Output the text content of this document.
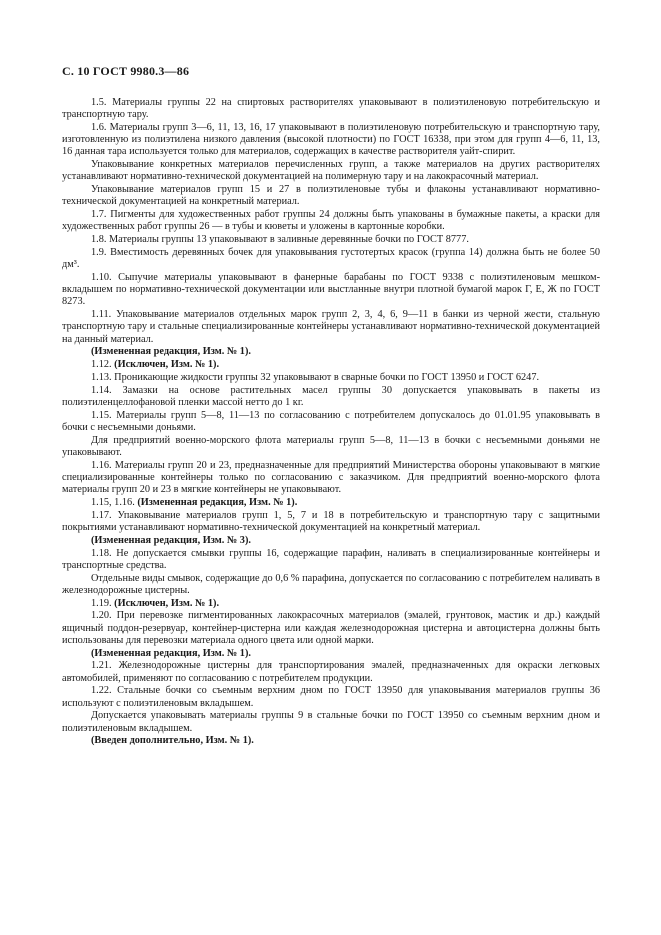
С. 10 ГОСТ 9980.3—86

1.5. Материалы группы 22 на спиртовых растворителях упаковывают в полиэтиленовую потребительскую и транспортную тару.

1.6. Материалы групп 3—6, 11, 13, 16, 17 упаковывают в полиэтиленовую потребительскую и транспортную тару, изготовленную из полиэтилена низкого давления (высокой плотности) по ГОСТ 16338, при этом для групп 4—6, 11, 13, 16 данная тара используется только для материалов, содержащих в качестве растворителя уайт-спирит.

Упаковывание конкретных материалов перечисленных групп, а также материалов на других растворителях устанавливают нормативно-технической документацией на полимерную тару и на лакокрасочный материал.

Упаковывание материалов групп 15 и 27 в полиэтиленовые тубы и флаконы устанавливают нормативно-технической документацией на конкретный материал.

1.7. Пигменты для художественных работ группы 24 должны быть упакованы в бумажные пакеты, а краски для художественных работ группы 26 — в тубы и кюветы и уложены в картонные коробки.

1.8. Материалы группы 13 упаковывают в заливные деревянные бочки по ГОСТ 8777.

1.9. Вместимость деревянных бочек для упаковывания густотертых красок (группа 14) должна быть не более 50 дм³.

1.10. Сыпучие материалы упаковывают в фанерные барабаны по ГОСТ 9338 с полиэтиленовым мешком-вкладышем по нормативно-технической документации или выстланные внутри плотной бумагой марок Г, Е, Ж по ГОСТ 8273.

1.11. Упаковывание материалов отдельных марок групп 2, 3, 4, 6, 9—11 в банки из черной жести, стальную транспортную тару и стальные специализированные контейнеры устанавливают нормативно-технической документацией на данный материал.

(Измененная редакция, Изм. № 1).

1.12. (Исключен, Изм. № 1).

1.13. Проникающие жидкости группы 32 упаковывают в сварные бочки по ГОСТ 13950 и ГОСТ 6247.

1.14. Замазки на основе растительных масел группы 30 допускается упаковывать в пакеты из полиэтиленцеллофановой пленки массой нетто до 1 кг.

1.15. Материалы групп 5—8, 11—13 по согласованию с потребителем допускалось до 01.01.95 упаковывать в бочки с несъемными доньями.

Для предприятий военно-морского флота материалы групп 5—8, 11—13 в бочки с несъемными доньями не упаковывают.

1.16. Материалы групп 20 и 23, предназначенные для предприятий Министерства обороны упаковывают в мягкие специализированные контейнеры только по согласованию с заказчиком. Для предприятий военно-морского флота материалы групп 20 и 23 в мягкие контейнеры не упаковывают.

1.15, 1.16. (Измененная редакция, Изм. № 1).

1.17. Упаковывание материалов групп 1, 5, 7 и 18 в потребительскую и транспортную тару с защитными покрытиями устанавливают нормативно-технической документацией на конкретный материал.

(Измененная редакция, Изм. № 3).

1.18. Не допускается смывки группы 16, содержащие парафин, наливать в специализированные контейнеры и транспортные средства.

Отдельные виды смывок, содержащие до 0,6 % парафина, допускается по согласованию с потребителем наливать в железнодорожные цистерны.

1.19. (Исключен, Изм. № 1).

1.20. При перевозке пигментированных лакокрасочных материалов (эмалей, грунтовок, мастик и др.) каждый ящичный поддон-резервуар, контейнер-цистерна или каждая железнодорожная цистерна и автоцистерна должны быть использованы для перевозки материала одного цвета или одной марки.

(Измененная редакция, Изм. № 1).

1.21. Железнодорожные цистерны для транспортирования эмалей, предназначенных для окраски легковых автомобилей, применяют по согласованию с потребителем продукции.

1.22. Стальные бочки со съемным верхним дном по ГОСТ 13950 для упаковывания материалов группы 36 используют с полиэтиленовым вкладышем.

Допускается упаковывать материалы группы 9 в стальные бочки по ГОСТ 13950 со съемным верхним дном и полиэтиленовым вкладышем.

(Введен дополнительно, Изм. № 1).
